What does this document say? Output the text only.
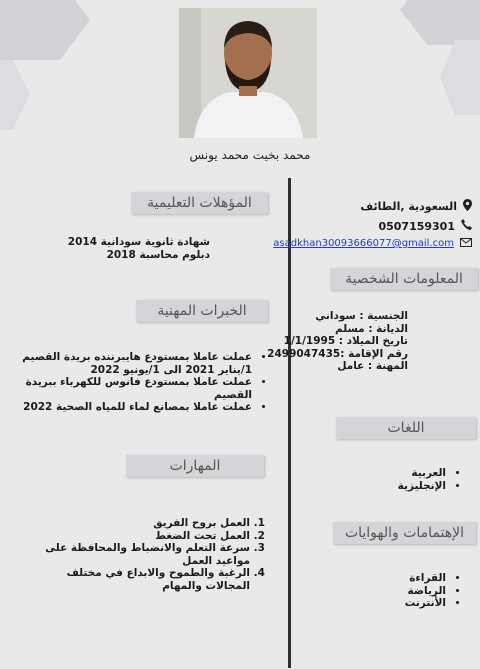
محمد بخيت محمد يونس
المؤهلات التعليمية
شهادة ثانوية سودانية 2014
دبلوم محاسبة 2018
الخبرات المهنية
• عملت عاملا بمستودع هايبرننده بريدة القصيم 1/يناير 2021 الى 1/يونيو 2022
• عملت عاملا بمستودع فانوس للكهرباء ببريدة القصيم
• عملت عاملا بمصانع لماء للمياه الصحية 2022
المهارات
1. العمل بروح الفريق
2. العمل تحت الضغط
3. سرعة التعلم والانضباط والمحافظة على مواعيد العمل
4. الرغبة والطموح والابداع في مختلف المجالات والمهام
السعودية ,الطائف
0507159301
asadkhan30093666077@gmail.com
المعلومات الشخصية
الجنسية : سوداني
الديانة : مسلم
تاريخ الميلاد : 1/1/1995
رقم الإقامة :2499047435
المهنة : عامل
اللغات
• العربية
• الإنجليزية
الإهتمامات والهوايات
• القراءة
• الرياضة
• الأنترنت
